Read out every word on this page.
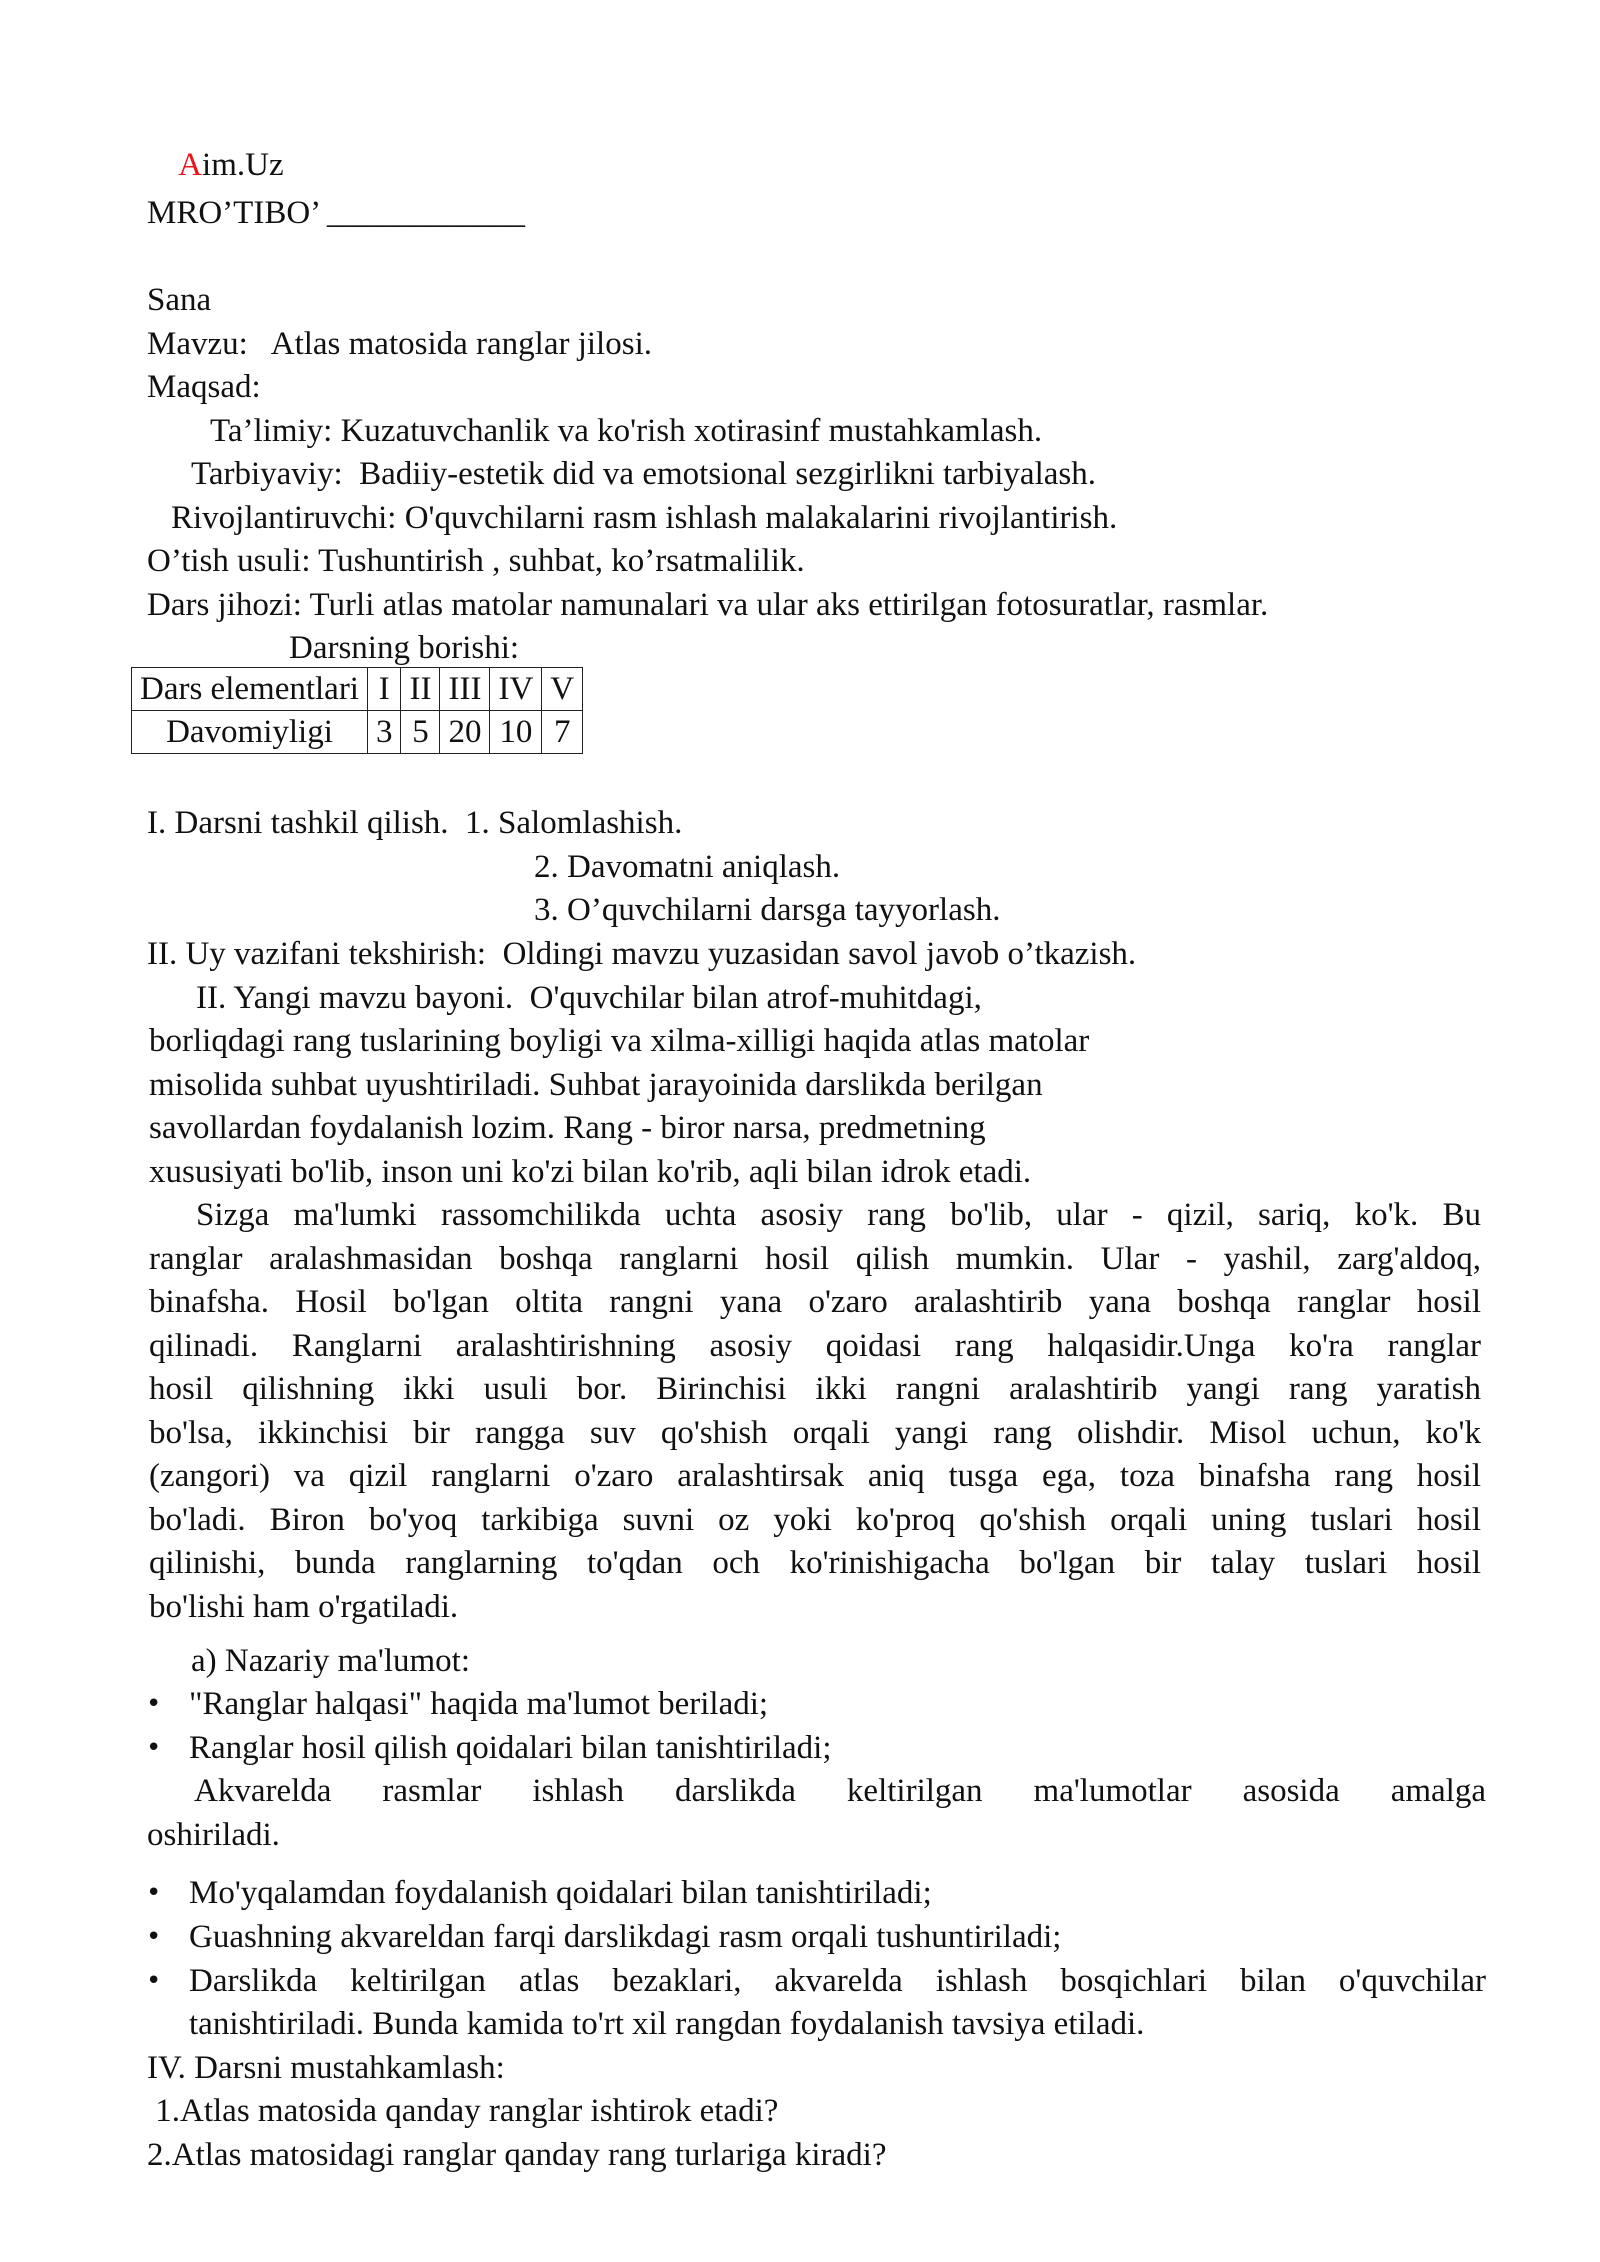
Aim.Uz

MRO’TIBO’ ____________
Sana
Mavzu:   Atlas matosida ranglar jilosi.
Maqsad:
Ta’limiy: Kuzatuvchanlik va ko'rish xotirasinf mustahkamlash.
Tarbiyaviy:  Badiiy-estetik did va emotsional sezgirlikni tarbiyalash.
Rivojlantiruvchi: O'quvchilarni rasm ishlash malakalarini rivojlantirish.
O’tish usuli: Tushuntirish , suhbat, ko’rsatmalilik.
Dars jihozi: Turli atlas matolar namunalari va ular aks ettirilgan fotosuratlar, rasmlar.
Darsning borishi:
Dars elementlari	I	II	III	IV	V
Davomiyligi	3	5	20	10	7
I. Darsni tashkil qilish.  1. Salomlashish.
2. Davomatni aniqlash.
3. O’quvchilarni darsga tayyorlash.
II. Uy vazifani tekshirish:  Oldingi mavzu yuzasidan savol javob o’tkazish.
II. Yangi mavzu bayoni.  O'quvchilar bilan atrof-muhitdagi,
borliqdagi rang tuslarining boyligi va xilma-xilligi haqida atlas matolar
misolida suhbat uyushtiriladi. Suhbat jarayoinida darslikda berilgan
savollardan foydalanish lozim. Rang - biror narsa, predmetning
xususiyati bo'lib, inson uni ko'zi bilan ko'rib, aqli bilan idrok etadi.
Sizga ma'lumki rassomchilikda uchta asosiy rang bo'lib, ular - qizil, sariq, ko'k. Bu
ranglar aralashmasidan boshqa ranglarni hosil qilish mumkin. Ular - yashil, zarg'aldoq,
binafsha. Hosil bo'lgan oltita rangni yana o'zaro aralashtirib yana boshqa ranglar hosil
qilinadi. Ranglarni aralashtirishning asosiy qoidasi rang halqasidir.Unga ko'ra ranglar
hosil qilishning ikki usuli bor. Birinchisi ikki rangni aralashtirib yangi rang yaratish
bo'lsa, ikkinchisi bir rangga suv qo'shish orqali yangi rang olishdir. Misol uchun, ko'k
(zangori) va qizil ranglarni o'zaro aralashtirsak aniq tusga ega, toza binafsha rang hosil
bo'ladi. Biron bo'yoq tarkibiga suvni oz yoki ko'proq qo'shish orqali uning tuslari hosil
qilinishi, bunda ranglarning to'qdan och ko'rinishigacha bo'lgan bir talay tuslari hosil
bo'lishi ham o'rgatiladi.
a) Nazariy ma'lumot:
• "Ranglar halqasi" haqida ma'lumot beriladi;
• Ranglar hosil qilish qoidalari bilan tanishtiriladi;
Akvarelda rasmlar ishlash darslikda keltirilgan ma'lumotlar asosida amalga
oshiriladi.
• Mo'yqalamdan foydalanish qoidalari bilan tanishtiriladi;
• Guashning akvareldan farqi darslikdagi rasm orqali tushuntiriladi;
• Darslikda keltirilgan atlas bezaklari, akvarelda ishlash bosqichlari bilan o'quvchilar
tanishtiriladi. Bunda kamida to'rt xil rangdan foydalanish tavsiya etiladi.
IV. Darsni mustahkamlash:
1.Atlas matosida qanday ranglar ishtirok etadi?
2.Atlas matosidagi ranglar qanday rang turlariga kiradi?
